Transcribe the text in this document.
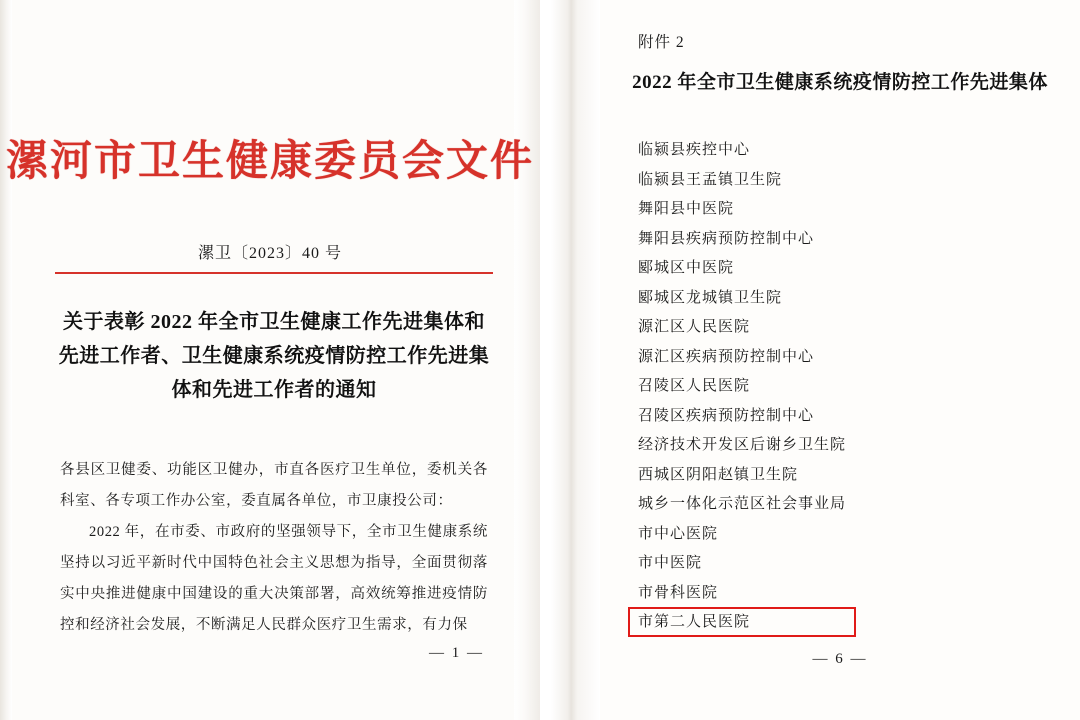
漯河市卫生健康委员会文件
漯卫〔2023〕40 号
关于表彰 2022 年全市卫生健康工作先进集体和先进工作者、卫生健康系统疫情防控工作先进集体和先进工作者的通知

各县区卫健委、功能区卫健办，市直各医疗卫生单位，委机关各科室、各专项工作办公室，委直属各单位，市卫康投公司：

2022 年，在市委、市政府的坚强领导下，全市卫生健康系统坚持以习近平新时代中国特色社会主义思想为指导，全面贯彻落实中央推进健康中国建设的重大决策部署，高效统筹推进疫情防控和经济社会发展，不断满足人民群众医疗卫生需求，有力保

— 1 —
附件 2
2022 年全市卫生健康系统疫情防控工作先进集体
临颍县疾控中心
临颍县王孟镇卫生院
舞阳县中医院
舞阳县疾病预防控制中心
郾城区中医院
郾城区龙城镇卫生院
源汇区人民医院
源汇区疾病预防控制中心
召陵区人民医院
召陵区疾病预防控制中心
经济技术开发区后谢乡卫生院
西城区阴阳赵镇卫生院
城乡一体化示范区社会事业局
市中心医院
市中医院
市骨科医院
市第二人民医院
— 6 —
